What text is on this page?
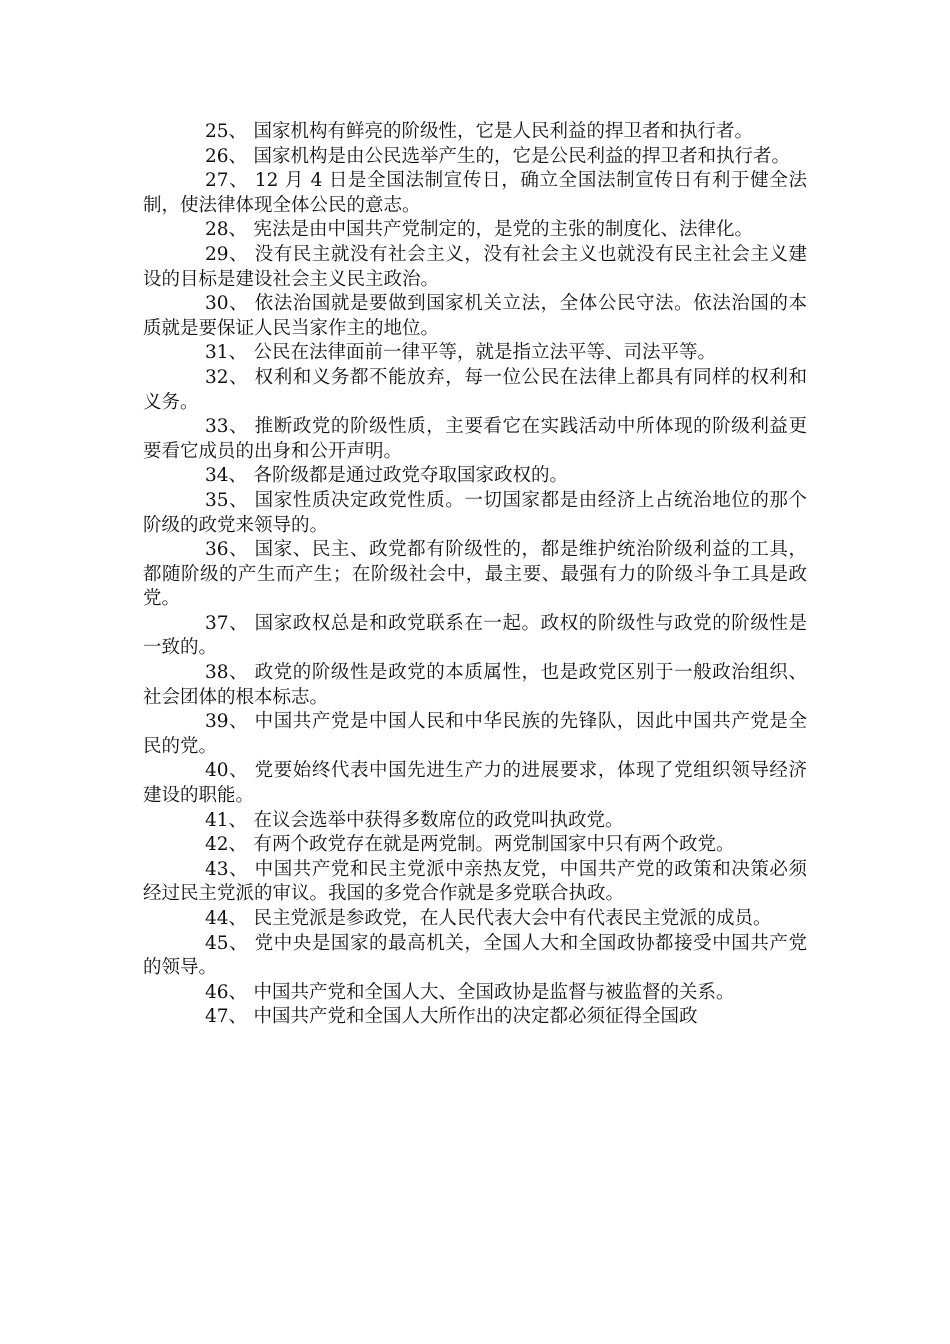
25、 国家机构有鲜亮的阶级性，它是人民利益的捍卫者和执行者。

26、 国家机构是由公民选举产生的，它是公民利益的捍卫者和执行者。

27、 12 月 4 日是全国法制宣传日，确立全国法制宣传日有利于健全法制，使法律体现全体公民的意志。

28、 宪法是由中国共产党制定的，是党的主张的制度化、法律化。

29、 没有民主就没有社会主义，没有社会主义也就没有民主社会主义建设的目标是建设社会主义民主政治。

30、 依法治国就是要做到国家机关立法，全体公民守法。依法治国的本质就是要保证人民当家作主的地位。

31、 公民在法律面前一律平等，就是指立法平等、司法平等。

32、 权利和义务都不能放弃，每一位公民在法律上都具有同样的权利和义务。

33、 推断政党的阶级性质，主要看它在实践活动中所体现的阶级利益更要看它成员的出身和公开声明。

34、 各阶级都是通过政党夺取国家政权的。

35、 国家性质决定政党性质。一切国家都是由经济上占统治地位的那个阶级的政党来领导的。

36、 国家、民主、政党都有阶级性的，都是维护统治阶级利益的工具，都随阶级的产生而产生；在阶级社会中，最主要、最强有力的阶级斗争工具是政党。

37、 国家政权总是和政党联系在一起。政权的阶级性与政党的阶级性是一致的。

38、 政党的阶级性是政党的本质属性，也是政党区别于一般政治组织、社会团体的根本标志。

39、 中国共产党是中国人民和中华民族的先锋队，因此中国共产党是全民的党。

40、 党要始终代表中国先进生产力的进展要求，体现了党组织领导经济建设的职能。

41、 在议会选举中获得多数席位的政党叫执政党。

42、 有两个政党存在就是两党制。两党制国家中只有两个政党。

43、 中国共产党和民主党派中亲热友党，中国共产党的政策和决策必须经过民主党派的审议。我国的多党合作就是多党联合执政。

44、 民主党派是参政党，在人民代表大会中有代表民主党派的成员。

45、 党中央是国家的最高机关，全国人大和全国政协都接受中国共产党的领导。

46、 中国共产党和全国人大、全国政协是监督与被监督的关系。

47、 中国共产党和全国人大所作出的决定都必须征得全国政
